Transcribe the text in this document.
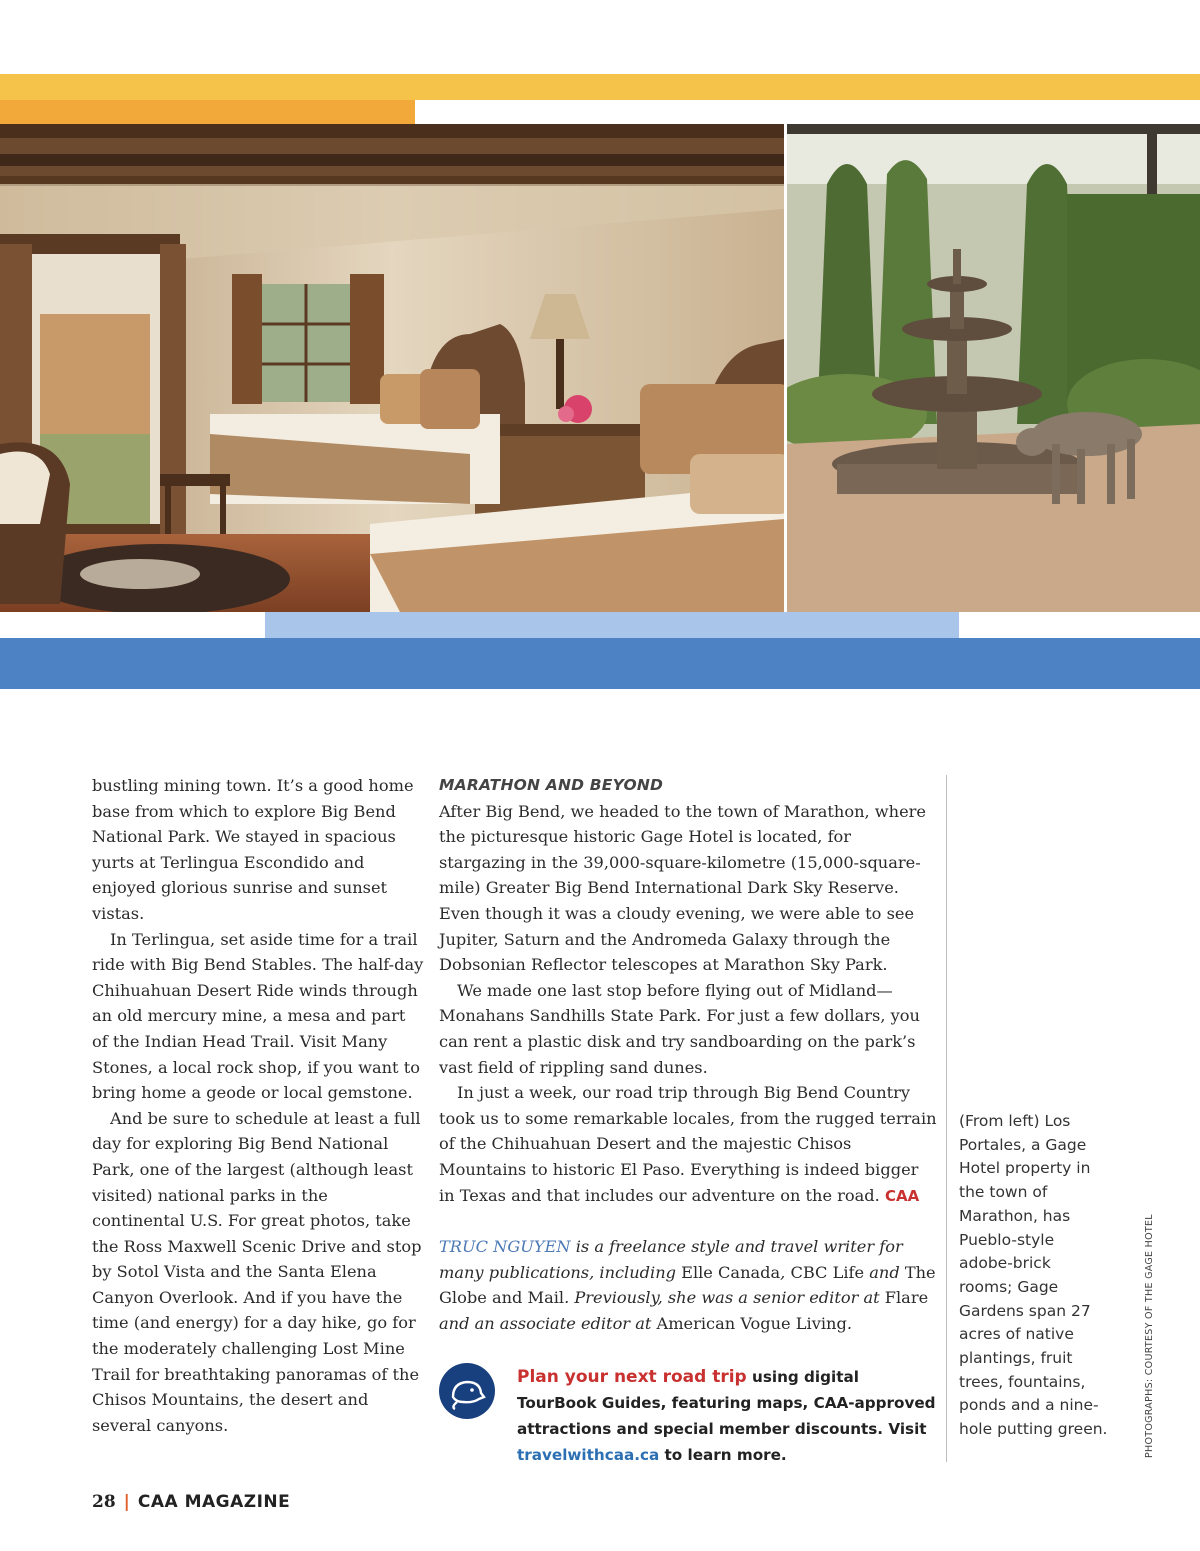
bustling mining town. It’s a good home base from which to explore Big Bend National Park. We stayed in spacious yurts at Terlingua Escondido and enjoyed glorious sunrise and sunset vistas.

In Terlingua, set aside time for a trail ride with Big Bend Stables. The half-day Chihuahuan Desert Ride winds through an old mercury mine, a mesa and part of the Indian Head Trail. Visit Many Stones, a local rock shop, if you want to bring home a geode or local gemstone.

And be sure to schedule at least a full day for exploring Big Bend National Park, one of the largest (although least visited) national parks in the continental U.S. For great photos, take the Ross Maxwell Scenic Drive and stop by Sotol Vista and the Santa Elena Canyon Overlook. And if you have the time (and energy) for a day hike, go for the moderately challenging Lost Mine Trail for breathtaking panoramas of the Chisos Mountains, the desert and several canyons.

MARATHON AND BEYOND

After Big Bend, we headed to the town of Marathon, where the picturesque historic Gage Hotel is located, for stargazing in the 39,000-square-kilometre (15,000-square-mile) Greater Big Bend International Dark Sky Reserve. Even though it was a cloudy evening, we were able to see Jupiter, Saturn and the Andromeda Galaxy through the Dobsonian Reflector telescopes at Marathon Sky Park.

We made one last stop before flying out of Midland—Monahans Sandhills State Park. For just a few dollars, you can rent a plastic disk and try sandboarding on the park’s vast field of rippling sand dunes.

In just a week, our road trip through Big Bend Country took us to some remarkable locales, from the rugged terrain of the Chihuahuan Desert and the majestic Chisos Mountains to historic El Paso. Everything is indeed bigger in Texas and that includes our adventure on the road. CAA

TRUC NGUYEN is a freelance style and travel writer for many publications, including Elle Canada, CBC Life and The Globe and Mail. Previously, she was a senior editor at Flare and an associate editor at American Vogue Living.

Plan your next road trip using digital TourBook Guides, featuring maps, CAA-approved attractions and special member discounts. Visit travelwithcaa.ca to learn more.
(From left) Los Portales, a Gage Hotel property in the town of Marathon, has Pueblo-style adobe-brick rooms; Gage Gardens span 27 acres of native plantings, fruit trees, fountains, ponds and a nine-hole putting green.	PHOTOGRAPHS: COURTESY OF THE GAGE HOTEL
28 | CAA MAGAZINE
